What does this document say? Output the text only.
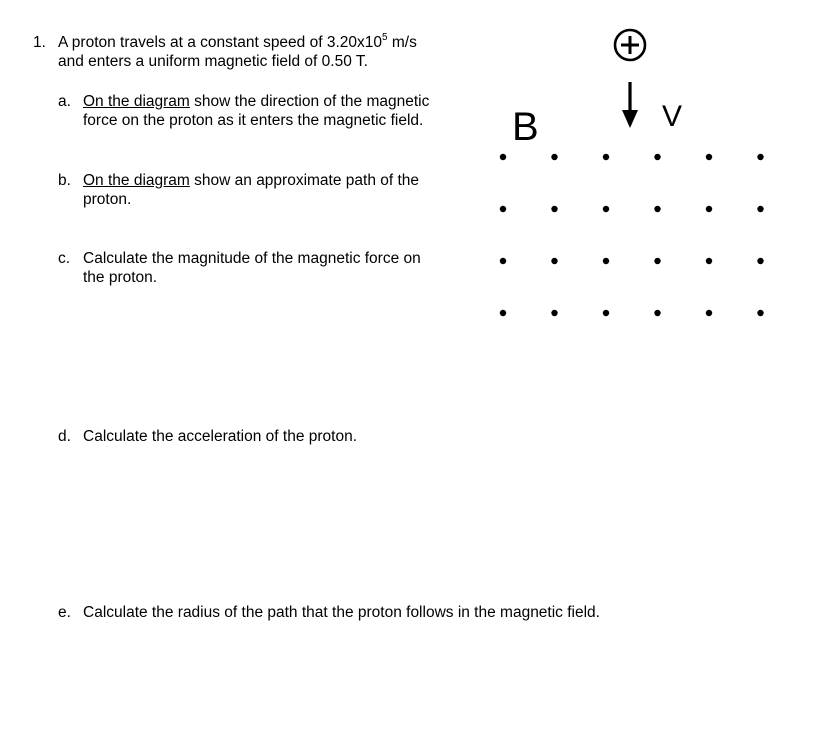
1. A proton travels at a constant speed of $3.20x10^5$ m/s
and enters a uniform magnetic field of 0.50 T.
a. On the diagram show the direction of the magnetic
force on the proton as it enters the magnetic field.
b. On the diagram show an approximate path of the
proton.
c. Calculate the magnitude of the magnetic force on
the proton.
d. Calculate the acceleration of the proton.
e. Calculate the radius of the path that the proton follows in the magnetic field.
B	V
